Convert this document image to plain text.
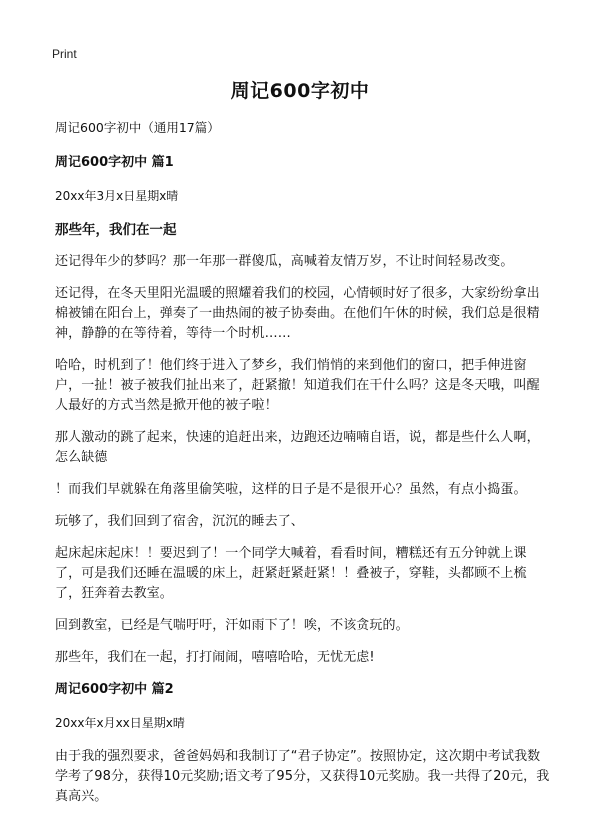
Print
周记600字初中
周记600字初中（通用17篇）
周记600字初中 篇1
20xx年3月x日星期x晴
那些年，我们在一起

还记得年少的梦吗？那一年那一群傻瓜，高喊着友情万岁，不让时间轻易改变。

还记得，在冬天里阳光温暖的照耀着我们的校园，心情顿时好了很多，大家纷纷拿出棉被铺在阳台上，弹奏了一曲热闹的被子协奏曲。在他们午休的时候，我们总是很精神，静静的在等待着，等待一个时机……

哈哈，时机到了！他们终于进入了梦乡，我们悄悄的来到他们的窗口，把手伸进窗户，一扯！被子被我们扯出来了，赶紧撤！知道我们在干什么吗？这是冬天哦，叫醒人最好的方式当然是掀开他的被子啦！

那人激动的跳了起来，快速的追赶出来，边跑还边喃喃自语，说，都是些什么人啊，怎么缺德

！而我们早就躲在角落里偷笑啦，这样的日子是不是很开心？虽然，有点小捣蛋。

玩够了，我们回到了宿舍，沉沉的睡去了、

起床起床起床！！要迟到了！一个同学大喊着，看看时间，糟糕还有五分钟就上课了，可是我们还睡在温暖的床上，赶紧赶紧赶紧！！叠被子，穿鞋，头都顾不上梳了，狂奔着去教室。

回到教室，已经是气喘吁吁，汗如雨下了！唉，不该贪玩的。

那些年，我们在一起，打打闹闹，嘻嘻哈哈，无忧无虑!

周记600字初中 篇2
20xx年x月xx日星期x晴

由于我的强烈要求，爸爸妈妈和我制订了“君子协定”。按照协定，这次期中考试我数学考了98分，获得10元奖励;语文考了95分，又获得10元奖励。我一共得了20元，我真高兴。
